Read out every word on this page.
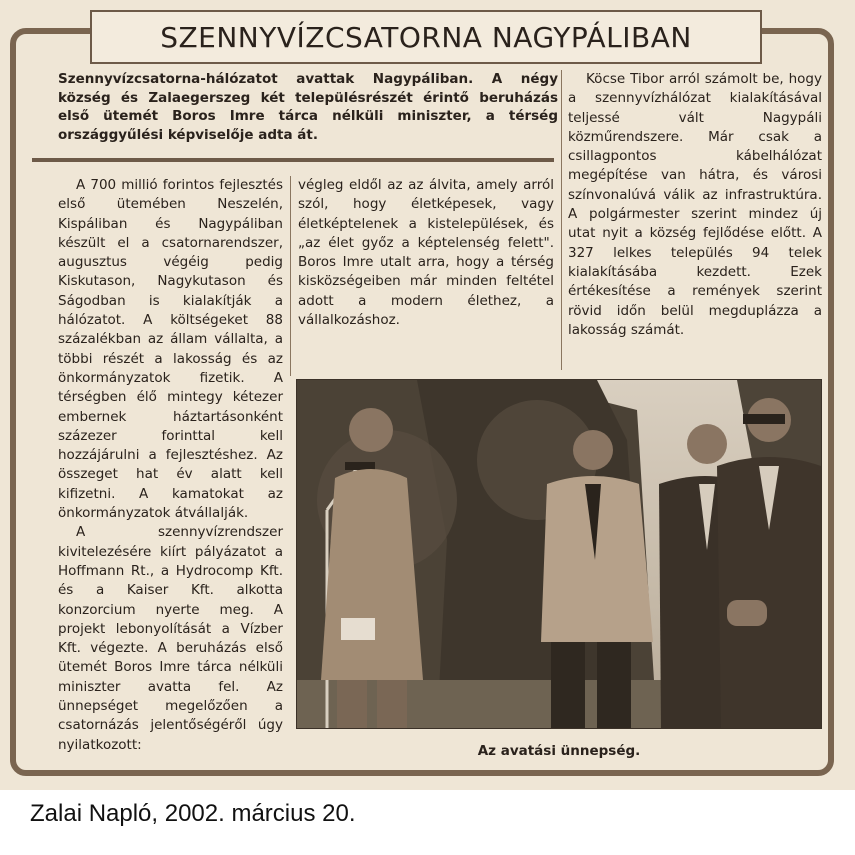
SZENNYVÍZCSATORNA NAGYPÁLIBAN
Szennyvízcsatorna-hálózatot avattak Nagypáliban. A négy község és Zalaegerszeg két településrészét érintő beruházás első ütemét Boros Imre tárca nélküli miniszter, a térség országgyűlési képviselője adta át.

A 700 millió forintos fejlesztés első ütemében Neszelén, Kispáliban és Nagypáliban készült el a csatornarendszer, augusztus végéig pedig Kiskutason, Nagykutason és Ságodban is kialakítják a hálózatot. A költségeket 88 százalékban az állam vállalta, a többi részét a lakosság és az önkormányzatok fizetik. A térségben élő mintegy kétezer embernek háztartásonként százezer forinttal kell hozzájárulni a fejlesztéshez. Az összeget hat év alatt kell kifizetni. A kamatokat az önkormányzatok átvállalják.

A szennyvízrendszer kivitelezésére kiírt pályázatot a Hoffmann Rt., a Hydrocomp Kft. és a Kaiser Kft. alkotta konzorcium nyerte meg. A projekt lebonyolítását a Vízber Kft. végezte. A beruházás első ütemét Boros Imre tárca nélküli miniszter avatta fel. Az ünnepséget megelőzően a csatornázás jelentőségéről úgy nyilatkozott:

végleg eldől az az álvita, amely arról szól, hogy életképesek, vagy életképtelenek a kistelepülések, és „az élet győz a képtelenség felett". Boros Imre utalt arra, hogy a térség kisközségeiben már minden feltétel adott a modern élethez, a vállalkozáshoz.

Köcse Tibor arról számolt be, hogy a szennyvízhálózat kialakításával teljessé vált Nagypáli közműrendszere. Már csak a csillagpontos kábelhálózat megépítése van hátra, és városi színvonalúvá válik az infrastruktúra. A polgármester szerint mindez új utat nyit a község fejlődése előtt. A 327 lelkes település 94 telek kialakításába kezdett. Ezek értékesítése a remények szerint rövid időn belül megduplázza a lakosság számát.

Az avatási ünnepség.
Zalai Napló, 2002. március 20.
